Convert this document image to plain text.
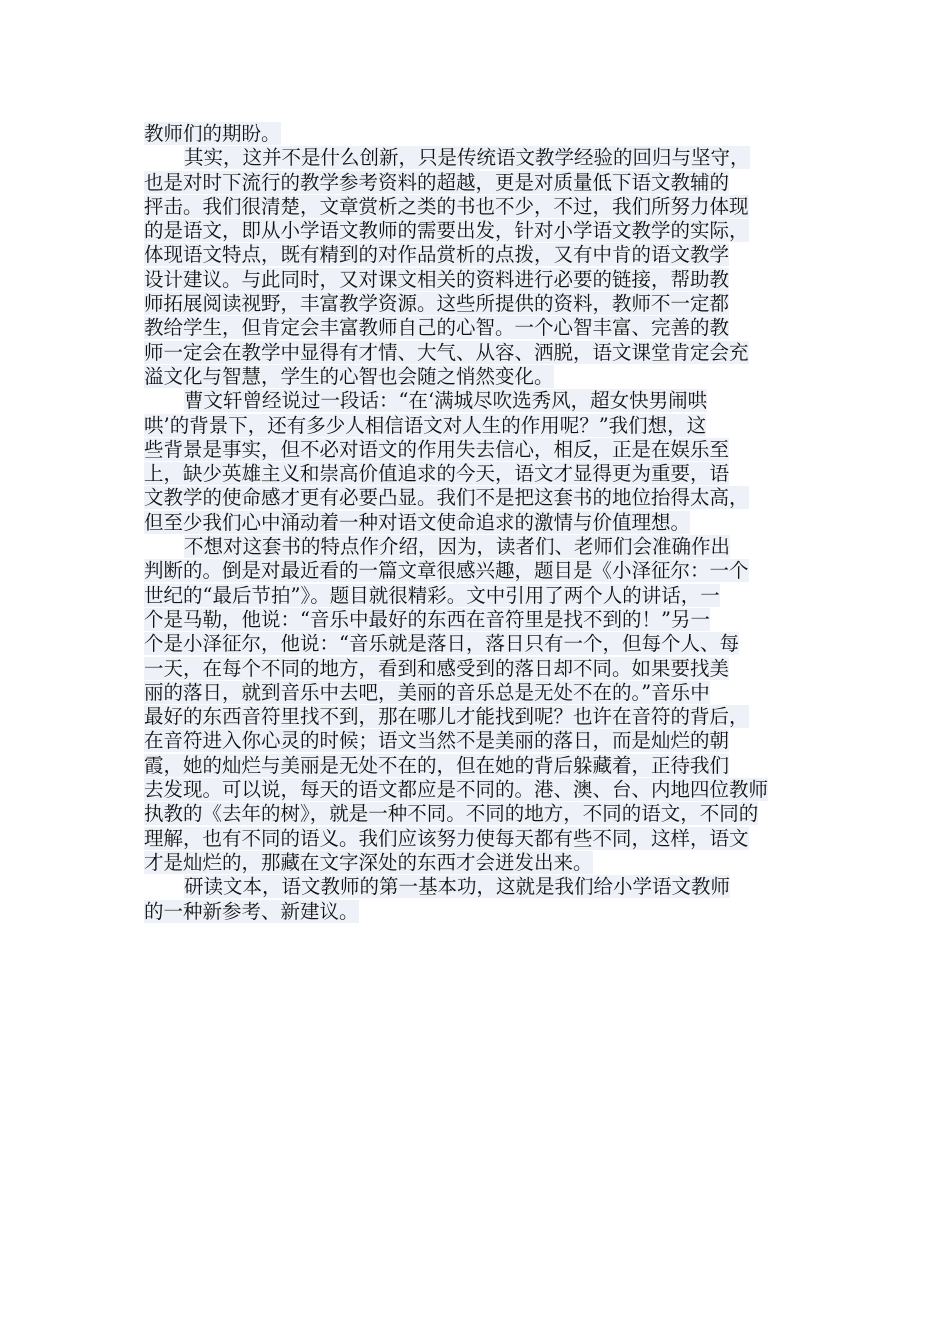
教师们的期盼。
其实，这并不是什么创新，只是传统语文教学经验的回归与坚守，
也是对时下流行的教学参考资料的超越，更是对质量低下语文教辅的
抨击。我们很清楚，文章赏析之类的书也不少，不过，我们所努力体现
的是语文，即从小学语文教师的需要出发，针对小学语文教学的实际，
体现语文特点，既有精到的对作品赏析的点拨，又有中肯的语文教学
设计建议。与此同时，又对课文相关的资料进行必要的链接，帮助教
师拓展阅读视野，丰富教学资源。这些所提供的资料，教师不一定都
教给学生，但肯定会丰富教师自己的心智。一个心智丰富、完善的教
师一定会在教学中显得有才情、大气、从容、洒脱，语文课堂肯定会充
溢文化与智慧，学生的心智也会随之悄然变化。
曹文轩曾经说过一段话：“在‘满城尽吹选秀风，超女快男闹哄
哄’的背景下，还有多少人相信语文对人生的作用呢？”我们想，这
些背景是事实，但不必对语文的作用失去信心，相反，正是在娱乐至
上，缺少英雄主义和崇高价值追求的今天，语文才显得更为重要，语
文教学的使命感才更有必要凸显。我们不是把这套书的地位抬得太高，
但至少我们心中涌动着一种对语文使命追求的激情与价值理想。
不想对这套书的特点作介绍，因为，读者们、老师们会准确作出
判断的。倒是对最近看的一篇文章很感兴趣，题目是《小泽征尔：一个
世纪的“最后节拍”》。题目就很精彩。文中引用了两个人的讲话，一
个是马勒，他说：“音乐中最好的东西在音符里是找不到的！”另一
个是小泽征尔，他说：“音乐就是落日，落日只有一个，但每个人、每
一天，在每个不同的地方，看到和感受到的落日却不同。如果要找美
丽的落日，就到音乐中去吧，美丽的音乐总是无处不在的。”音乐中
最好的东西音符里找不到，那在哪儿才能找到呢？也许在音符的背后，
在音符进入你心灵的时候；语文当然不是美丽的落日，而是灿烂的朝
霞，她的灿烂与美丽是无处不在的，但在她的背后躲藏着，正待我们
去发现。可以说，每天的语文都应是不同的。港、澳、台、内地四位教师
执教的《去年的树》，就是一种不同。不同的地方，不同的语文，不同的
理解，也有不同的语义。我们应该努力使每天都有些不同，这样，语文
才是灿烂的，那藏在文字深处的东西才会迸发出来。
研读文本，语文教师的第一基本功，这就是我们给小学语文教师
的一种新参考、新建议。
